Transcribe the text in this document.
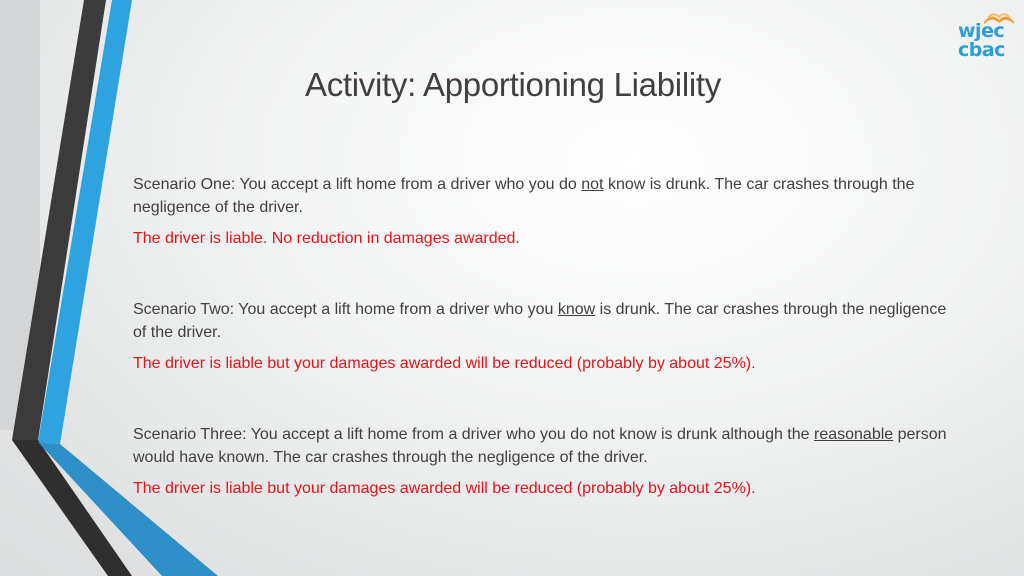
wjec
cbac
Activity: Apportioning Liability
Scenario One: You accept a lift home from a driver who you do not know is drunk. The car crashes through the negligence of the driver.
The driver is liable. No reduction in damages awarded.
Scenario Two: You accept a lift home from a driver who you know is drunk. The car crashes through the negligence of the driver.
The driver is liable but your damages awarded will be reduced (probably by about 25%).
Scenario Three: You accept a lift home from a driver who you do not know is drunk although the reasonable person would have known. The car crashes through the negligence of the driver.
The driver is liable but your damages awarded will be reduced (probably by about 25%).
